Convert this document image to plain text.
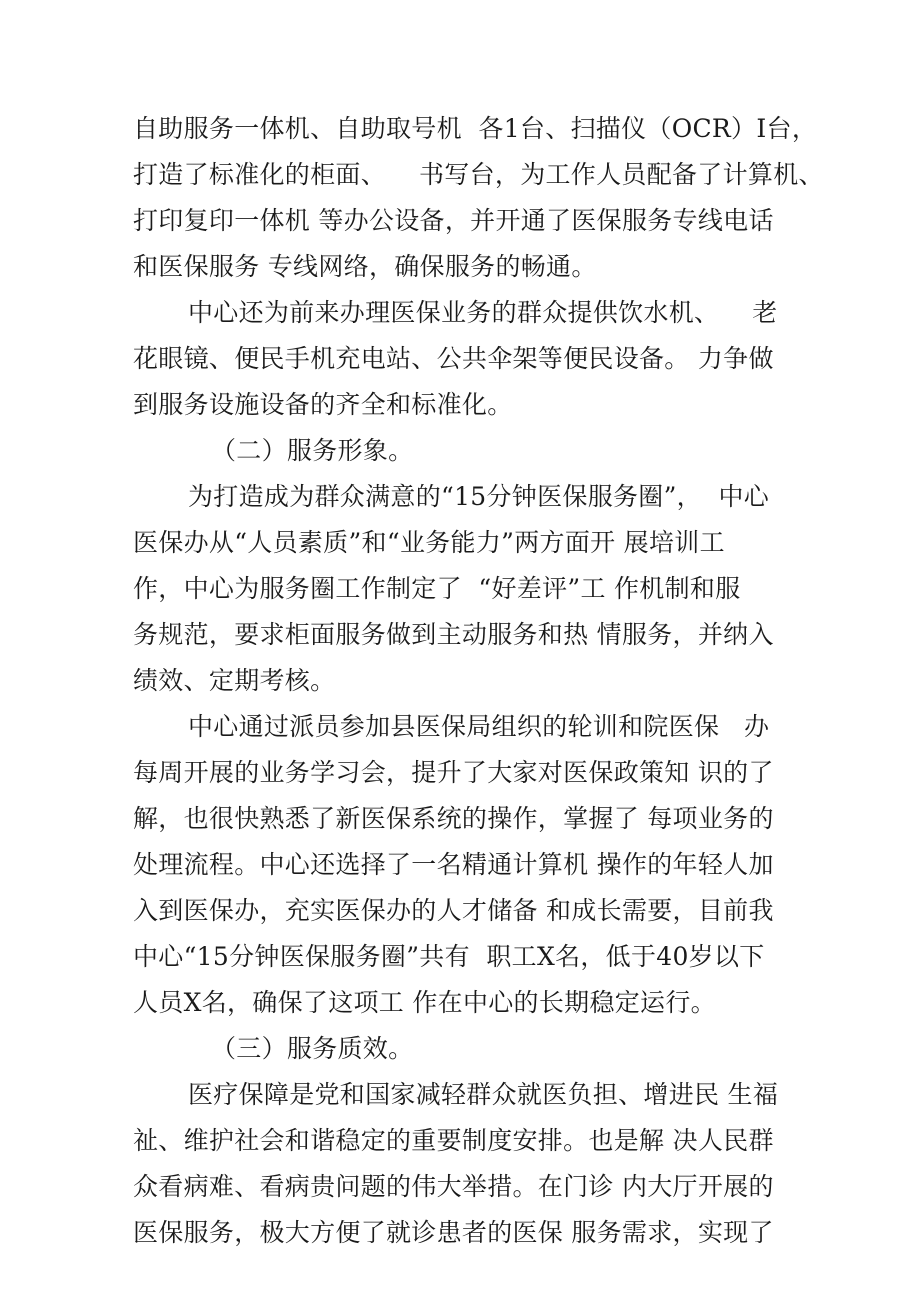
自助服务一体机、自助取号机  各1台、扫描仪（OCR）I台，

打造了标准化的柜面、    书写台，为工作人员配备了计算机、

打印复印一体机 等办公设备，并开通了医保服务专线电话

和医保服务 专线网络，确保服务的畅通。

中心还为前来办理医保业务的群众提供饮水机、    老

花眼镜、便民手机充电站、公共伞架等便民设备。 力争做

到服务设施设备的齐全和标准化。

（二）服务形象。

为打造成为群众满意的“15分钟医保服务圈”，  中心

医保办从“人员素质”和“业务能力”两方面开 展培训工

作，中心为服务圈工作制定了  “好差评”工 作机制和服

务规范，要求柜面服务做到主动服务和热 情服务，并纳入

绩效、定期考核。

中心通过派员参加县医保局组织的轮训和院医保   办

每周开展的业务学习会，提升了大家对医保政策知 识的了

解，也很快熟悉了新医保系统的操作，掌握了 每项业务的

处理流程。中心还选择了一名精通计算机 操作的年轻人加

入到医保办，充实医保办的人才储备 和成长需要，目前我

中心“15分钟医保服务圈”共有  职工X名，低于40岁以下

人员X名，确保了这项工 作在中心的长期稳定运行。

（三）服务质效。

医疗保障是党和国家减轻群众就医负担、增进民 生福

祉、维护社会和谐稳定的重要制度安排。也是解 决人民群

众看病难、看病贵问题的伟大举措。在门诊 内大厅开展的

医保服务，极大方便了就诊患者的医保 服务需求，实现了
